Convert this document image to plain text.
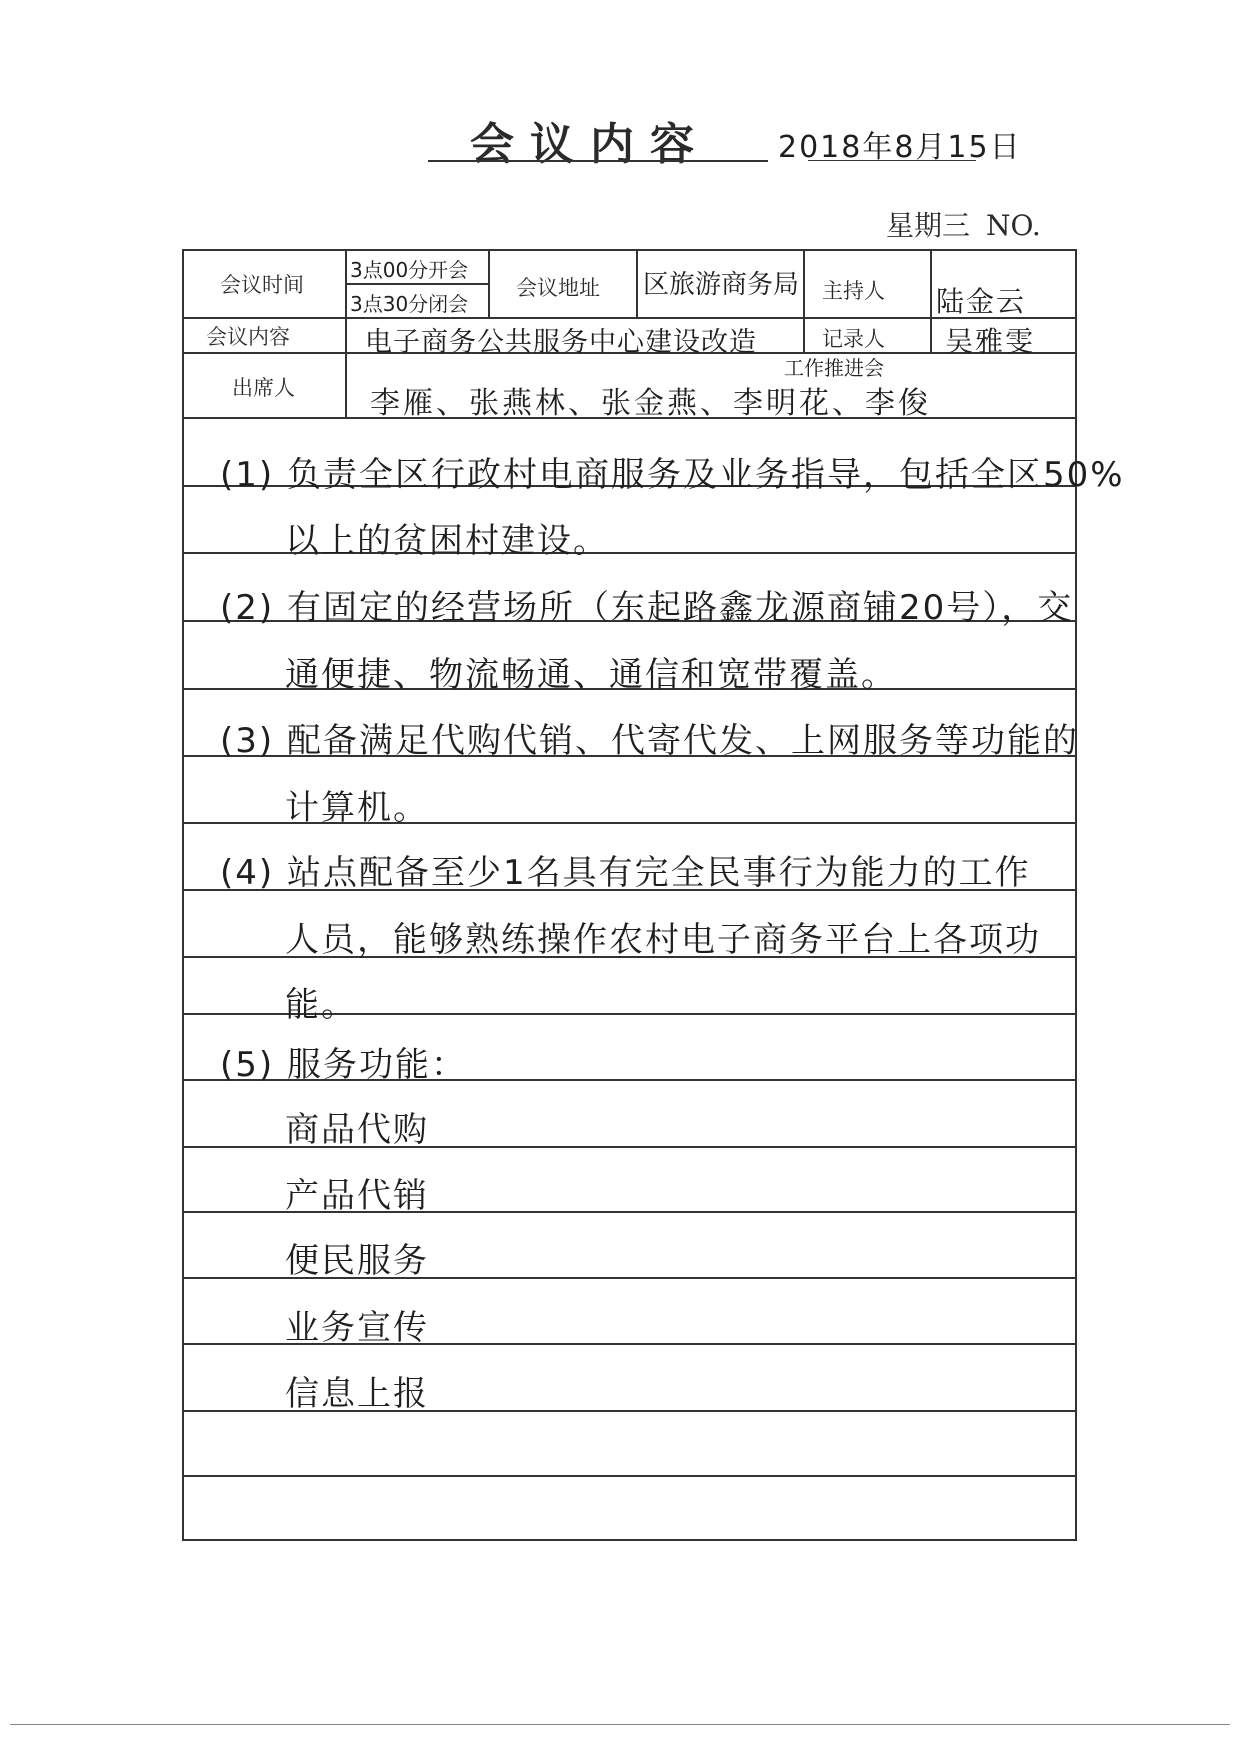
会议内容 2018年8月15日
星期三 NO.
会议时间
3点00分开会
3点30分闭会
会议地址 区旅游商务局 主持人 陆金云
会议内容	电子商务公共服务中心建设改造	记录人 吴雅雯
出席人
工作推进会
李雁、张燕林、张金燕、李明花、李俊
(1) 负责全区行政村电商服务及业务指导，包括全区50%
以上的贫困村建设。
(2) 有固定的经营场所（东起路鑫龙源商铺20号），交
通便捷、物流畅通、通信和宽带覆盖。
(3) 配备满足代购代销、代寄代发、上网服务等功能的
计算机。
(4) 站点配备至少1名具有完全民事行为能力的工作
人员，能够熟练操作农村电子商务平台上各项功
能。
(5) 服务功能：
商品代购
产品代销
便民服务
业务宣传
信息上报
